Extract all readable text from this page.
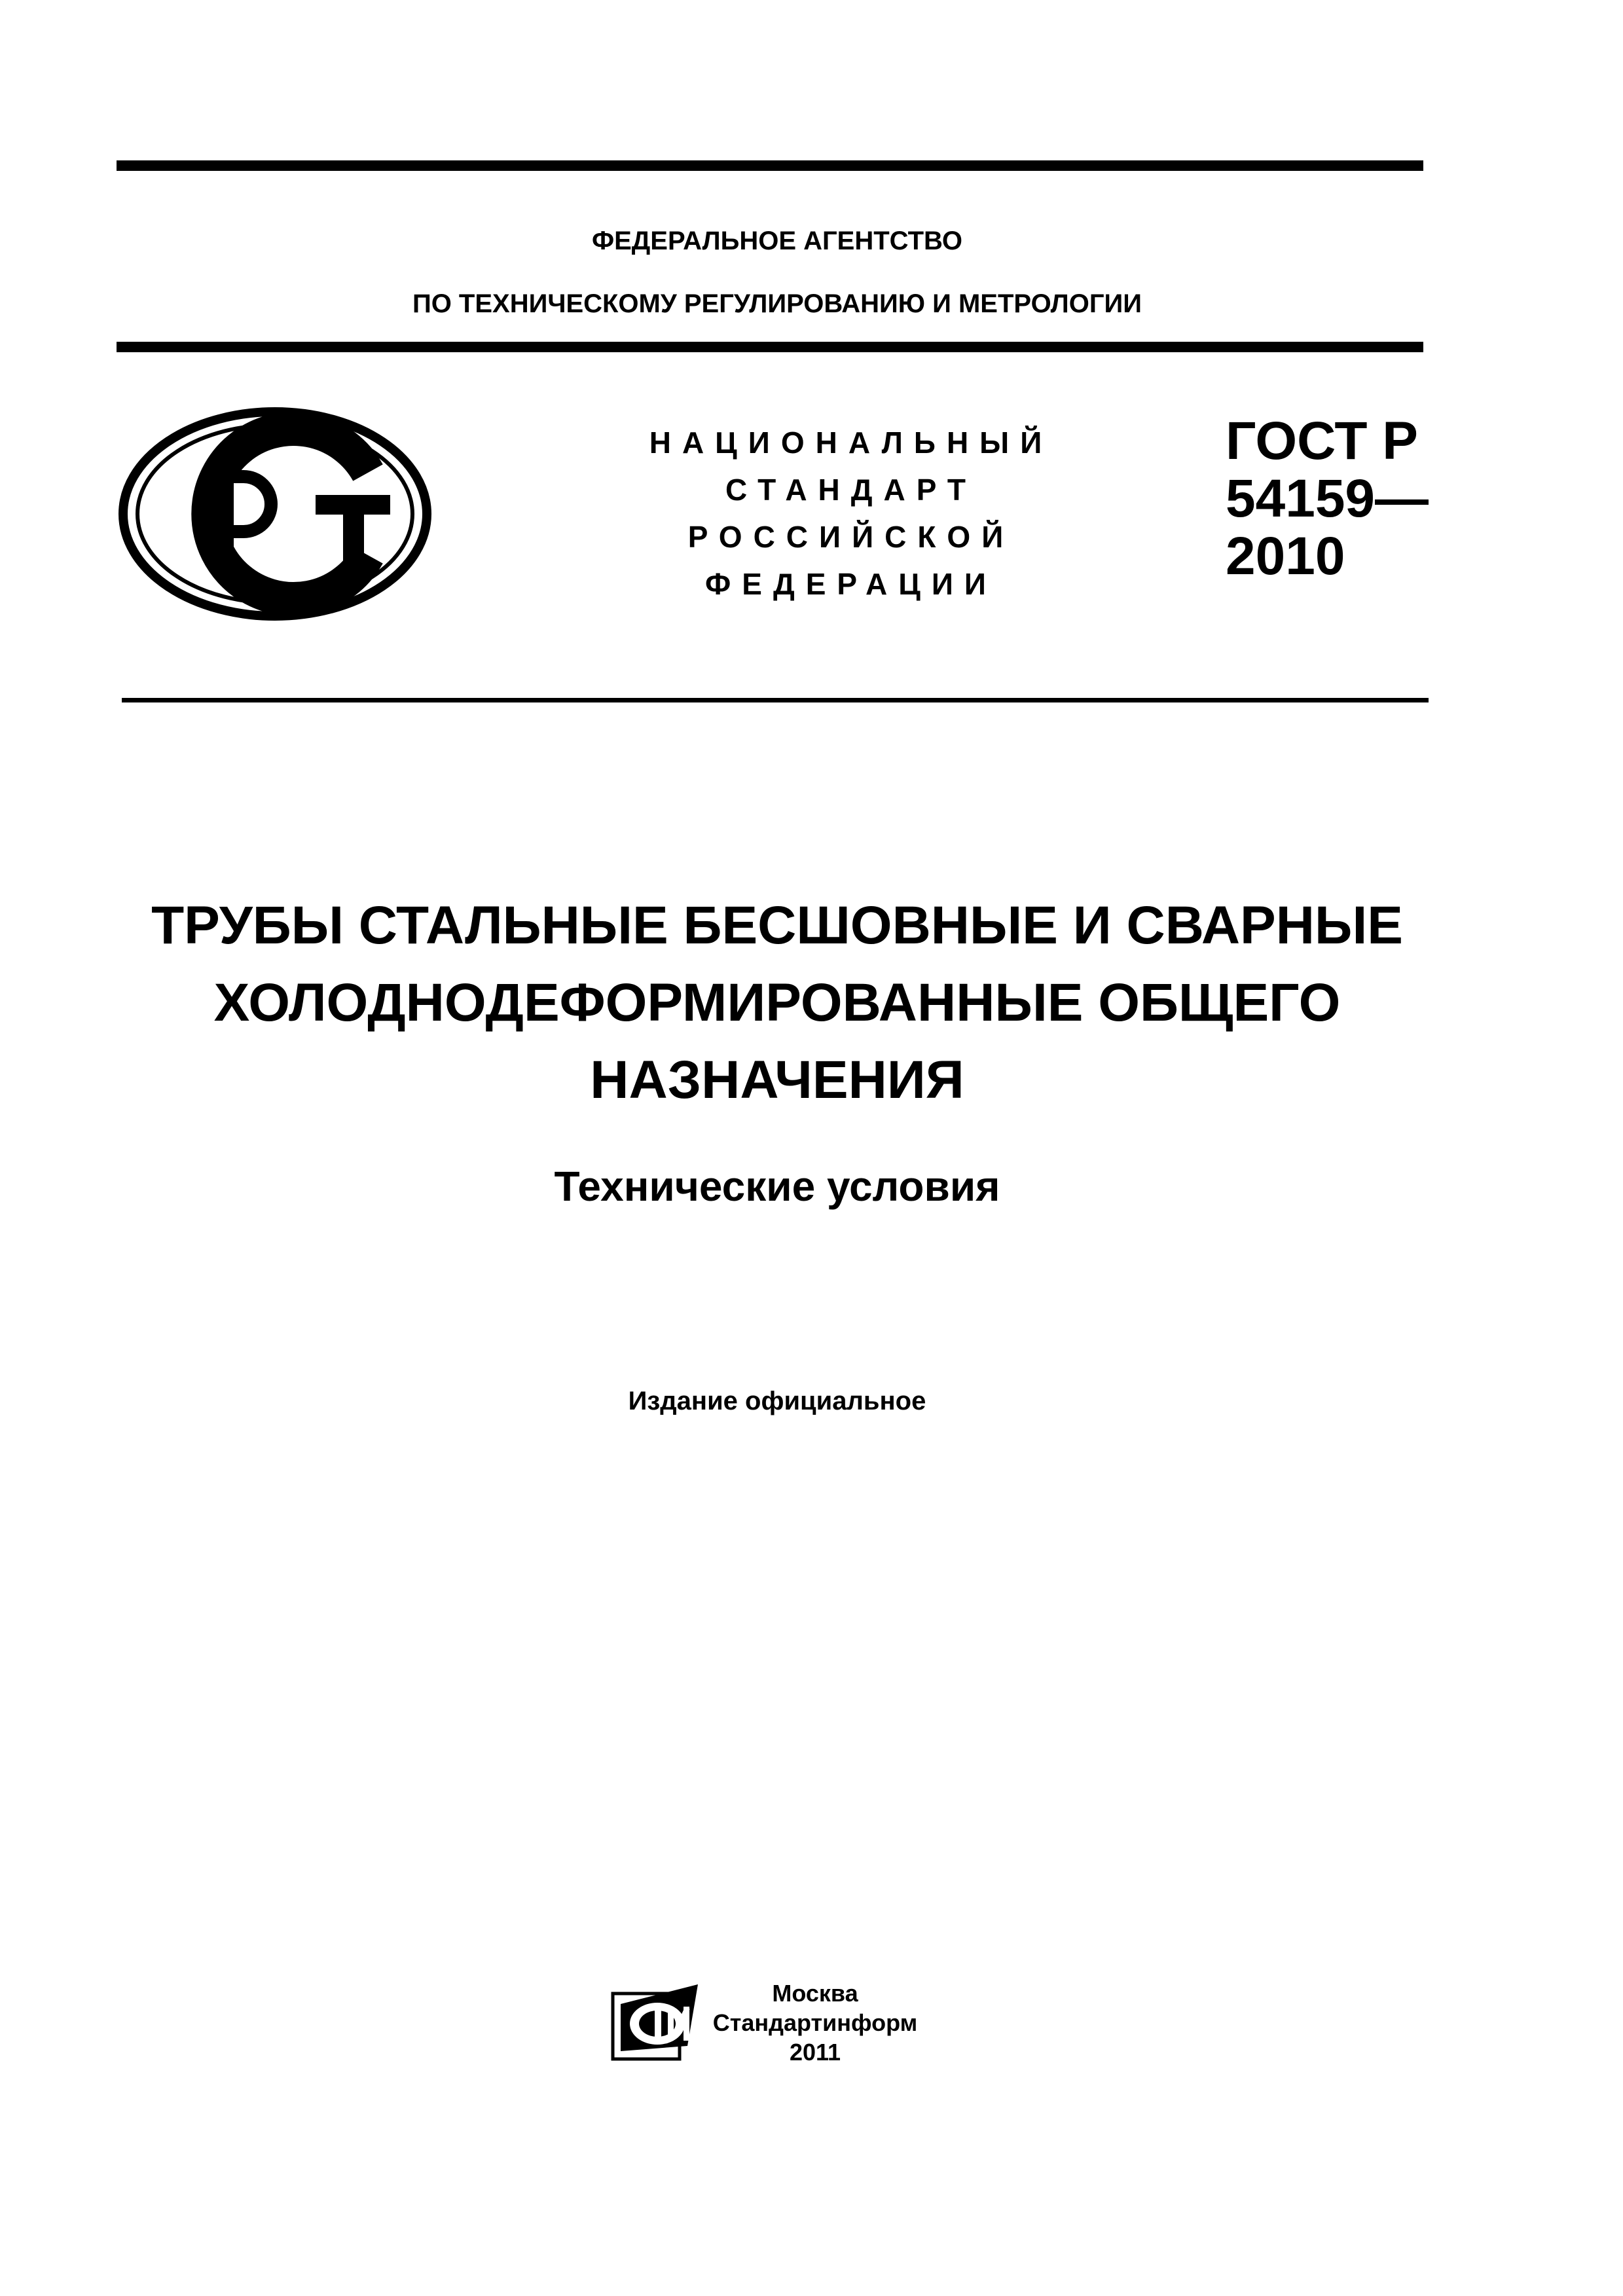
ФЕДЕРАЛЬНОЕ АГЕНТСТВО
ПО ТЕХНИЧЕСКОМУ РЕГУЛИРОВАНИЮ И МЕТРОЛОГИИ
НАЦИОНАЛЬНЫЙ
СТАНДАРТ
РОССИЙСКОЙ
ФЕДЕРАЦИИ
ГОСТ Р
54159—
2010
ТРУБЫ СТАЛЬНЫЕ БЕСШОВНЫЕ И СВАРНЫЕ
ХОЛОДНОДЕФОРМИРОВАННЫЕ ОБЩЕГО
НАЗНАЧЕНИЯ
Технические условия
Издание официальное
Москва
Стандартинформ
2011
